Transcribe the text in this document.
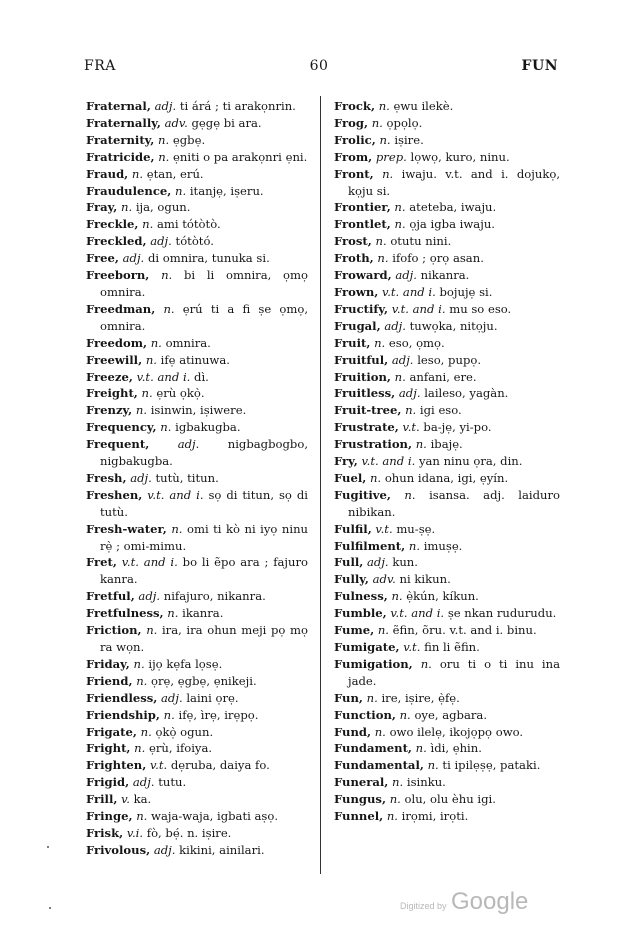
FRA	60	FUN
Fraternal, adj. ti árá ; ti arakọnrin.
Fraternally, adv. gẹgẹ bi ara.
Fraternity, n. ẹgbẹ.
Fratricide, n. ẹniti o pa arakọnri ẹni.
Fraud, n. ẹtan, erú.
Fraudulence, n. itanjẹ, iṣeru.
Fray, n. ija, ogun.
Freckle, n. ami tótòtò.
Freckled, adj. tótòtó.
Free, adj. di omnira, tunuka si.
Freeborn, n. bi li omnira, ọmọ omnira.
Freedman, n. ẹrú ti a fi ṣe ọmọ, omnira.
Freedom, n. omnira.
Freewill, n. ifẹ atinuwa.
Freeze, v.t. and i. dì.
Freight, n. ẹrù ọkọ̀.
Frenzy, n. isinwin, iṣiwere.
Frequency, n. igbakugba.
Frequent, adj. nigbagbogbo, nigbakugba.
Fresh, adj. tutù, titun.
Freshen, v.t. and i. sọ di titun, sọ di tutù.
Fresh-water, n. omi ti kò ni iyọ ninu rẹ̀ ; omi-mimu.
Fret, v.t. and i. bo li ẽpo ara ; fajuro kanra.
Fretful, adj. nifajuro, nikanra.
Fretfulness, n. ikanra.
Friction, n. ira, ira ohun meji pọ mọ ra wọn.
Friday, n. ijọ kẹfa lọsẹ.
Friend, n. ọrẹ, ẹgbẹ, ẹnikeji.
Friendless, adj. laini ọrẹ.
Friendship, n. ifẹ, ìrẹ, irẹpọ.
Frigate, n. ọkọ̀ ogun.
Fright, n. ẹrù, ifoiya.
Frighten, v.t. dẹruba, daiya fo.
Frigid, adj. tutu.
Frill, v. ka.
Fringe, n. waja-waja, igbati aṣọ.
Frisk, v.i. fò, bẹ́. n. iṣire.
Frivolous, adj. kikini, ainilari.
Frock, n. ẹwu ilekè.
Frog, n. ọpọlọ.
Frolic, n. iṣire.
From, prep. lọwọ, kuro, ninu.
Front, n. iwaju. v.t. and i. dojukọ, kọju si.
Frontier, n. ateteba, iwaju.
Frontlet, n. ọja igba iwaju.
Frost, n. otutu nini.
Froth, n. ifofo ; ọrọ asan.
Froward, adj. nikanra.
Frown, v.t. and i. bojujẹ si.
Fructify, v.t. and i. mu so eso.
Frugal, adj. tuwọka, nitọju.
Fruit, n. eso, ọmọ.
Fruitful, adj. leso, pupọ.
Fruition, n. anfani, ere.
Fruitless, adj. laileso, yagàn.
Fruit-tree, n. igi eso.
Frustrate, v.t. ba-jẹ, yi-po.
Frustration, n. ibajẹ.
Fry, v.t. and i. yan ninu ọra, din.
Fuel, n. ohun idana, igi, ẹyín.
Fugitive, n. isansa. adj. laiduro nibikan.
Fulfil, v.t. mu-ṣẹ.
Fulfilment, n. imuṣẹ.
Full, adj. kun.
Fully, adv. ni kikun.
Fulness, n. ẹ̀kún, kíkun.
Fumble, v.t. and i. ṣe nkan rudurudu.
Fume, n. ẽfin, õru. v.t. and i. binu.
Fumigate, v.t. fin li ẽfin.
Fumigation, n. oru ti o ti inu ina jade.
Fun, n. ire, iṣire, ẹ̀fẹ.
Function, n. oye, agbara.
Fund, n. owo ilelẹ, ikojọpọ owo.
Fundament, n. ìdi, ẹhin.
Fundamental, n. ti ipilẹṣẹ, pataki.
Funeral, n. isinku.
Fungus, n. olu, olu èhu igi.
Funnel, n. irọmi, irọti.
Digitized by Google
